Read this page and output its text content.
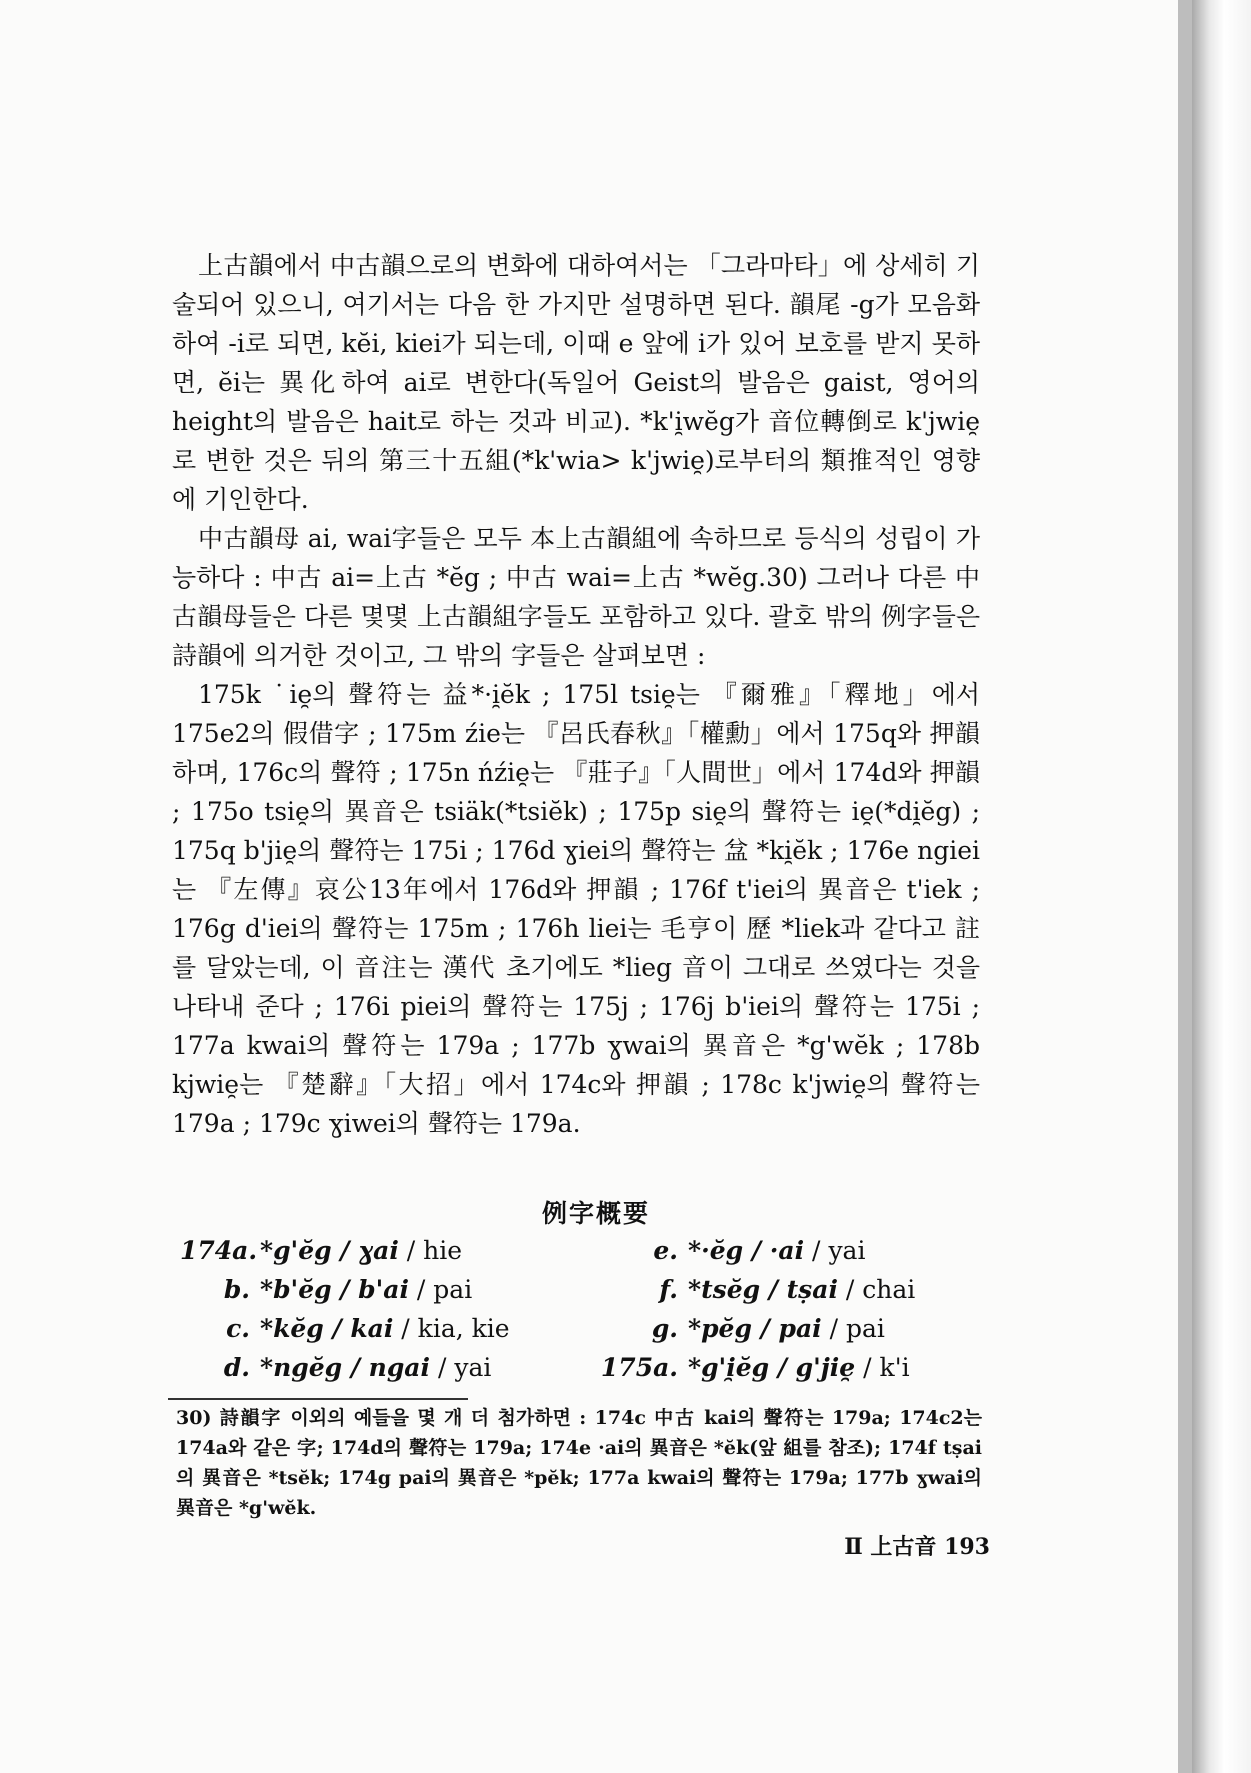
上古韻에서 中古韻으로의 변화에 대하여서는 「그라마타」에 상세히 기술되어 있으니, 여기서는 다음 한 가지만 설명하면 된다. 韻尾 -g가 모음화하여 -i로 되면, kĕi, kiei가 되는데, 이때 e 앞에 i가 있어 보호를 받지 못하면, ĕi는 異化하여 ai로 변한다(독일어 Geist의 발음은 gaist, 영어의 height의 발음은 hait로 하는 것과 비교). *k'i̯wĕg가 音位轉倒로 k'jwie̯로 변한 것은 뒤의 第三十五組(*k'wia> k'jwie̯)로부터의 類推적인 영향에 기인한다.

中古韻母 ai, wai字들은 모두 本上古韻組에 속하므로 등식의 성립이 가능하다 : 中古 ai=上古 *ĕg ; 中古 wai=上古 *wĕg.30) 그러나 다른 中古韻母들은 다른 몇몇 上古韻組字들도 포함하고 있다. 괄호 밖의 例字들은 詩韻에 의거한 것이고, 그 밖의 字들은 살펴보면 :

175k ˙ie̯의 聲符는 益*·i̯ĕk ; 175l tsie̯는 『爾雅』「釋地」에서 175e2의 假借字 ; 175m źie는 『呂氏春秋』「權勳」에서 175q와 押韻하며, 176c의 聲符 ; 175n ńźie̯는 『莊子』「人間世」에서 174d와 押韻 ; 175o tsie̯의 異音은 tsiäk(*tsiĕk) ; 175p sie̯의 聲符는 ie̯(*di̯ĕg) ; 175q b'jie̯의 聲符는 175i ; 176d ɣiei의 聲符는 㿽 *ki̯ĕk ; 176e ngiei는 『左傳』哀公13年에서 176d와 押韻 ; 176f t'iei의 異音은 t'iek ; 176g d'iei의 聲符는 175m ; 176h liei는 毛亨이 歷 *liek과 같다고 註를 달았는데, 이 音注는 漢代 초기에도 *lieg 音이 그대로 쓰였다는 것을 나타내 준다 ; 176i piei의 聲符는 175j ; 176j b'iei의 聲符는 175i ; 177a kwai의 聲符는 179a ; 177b ɣwai의 異音은 *g'wĕk ; 178b kjwie̯는 『楚辭』「大招」에서 174c와 押韻 ; 178c k'jwie̯의 聲符는 179a ; 179c ɣiwei의 聲符는 179a.

例字概要
174a. *g'ĕg / ɣai / hie	e. *·ĕg / ·ai / yai
b. *b'ĕg / b'ai / pai	f. *tsĕg / tṣai / chai
c. *kĕg / kai / kia, kie	g. *pĕg / pai / pai
d. *ngĕg / ngai / yai	175a. *g'i̯ĕg / g'jie̯ / k'i
30) 詩韻字 이외의 예들을 몇 개 더 첨가하면 : 174c 中古 kai의 聲符는 179a; 174c2는 174a와 같은 字; 174d의 聲符는 179a; 174e ·ai의 異音은 *ĕk(앞 組를 참조); 174f tṣai의 異音은 *tsĕk; 174g pai의 異音은 *pĕk; 177a kwai의 聲符는 179a; 177b ɣwai의 異音은 *g'wĕk.
Ⅱ 上古音 193
